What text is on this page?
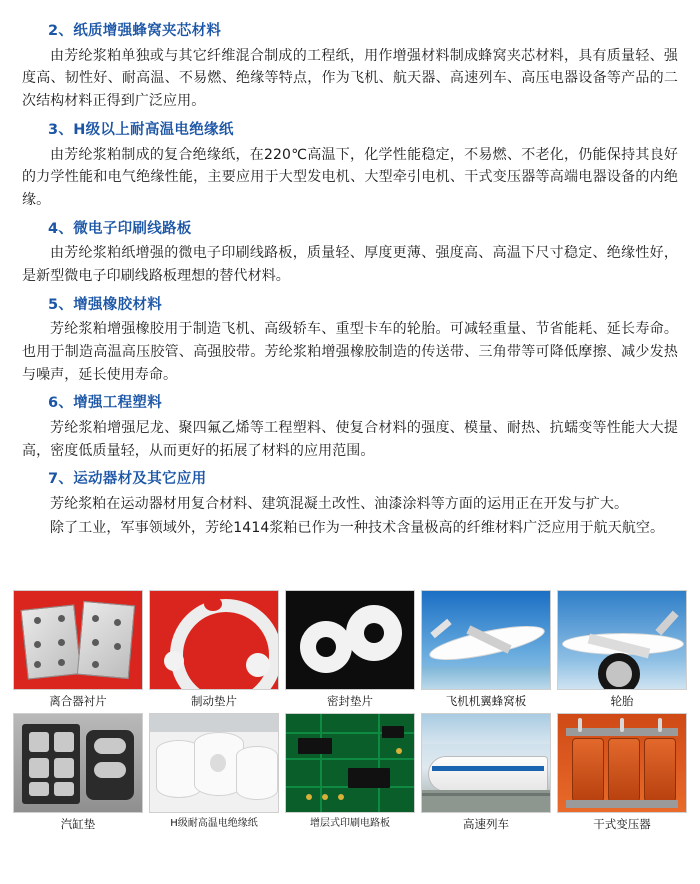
2、纸质增强蜂窝夹芯材料

由芳纶浆粕单独或与其它纤维混合制成的工程纸，用作增强材料制成蜂窝夹芯材料，具有质量轻、强度高、韧性好、耐高温、不易燃、绝缘等特点，作为飞机、航天器、高速列车、高压电器设备等产品的二次结构材料正得到广泛应用。

3、H级以上耐高温电绝缘纸

由芳纶浆粕制成的复合绝缘纸，在220℃高温下，化学性能稳定，不易燃、不老化，仍能保持其良好的力学性能和电气绝缘性能，主要应用于大型发电机、大型牵引电机、干式变压器等高端电器设备的内绝缘。

4、微电子印刷线路板

由芳纶浆粕纸增强的微电子印刷线路板，质量轻、厚度更薄、强度高、高温下尺寸稳定、绝缘性好，是新型微电子印刷线路板理想的替代材料。

5、增强橡胶材料

芳纶浆粕增强橡胶用于制造飞机、高级轿车、重型卡车的轮胎。可减轻重量、节省能耗、延长寿命。也用于制造高温高压胶管、高强胶带。芳纶浆粕增强橡胶制造的传送带、三角带等可降低摩擦、减少发热与噪声，延长使用寿命。

6、增强工程塑料

芳纶浆粕增强尼龙、聚四氟乙烯等工程塑料、使复合材料的强度、模量、耐热、抗蠕变等性能大大提高，密度低质量轻，从而更好的拓展了材料的应用范围。

7、运动器材及其它应用

芳纶浆粕在运动器材用复合材料、建筑混凝土改性、油漆涂料等方面的运用正在开发与扩大。

除了工业，军事领域外，芳纶1414浆粕已作为一种技术含量极高的纤维材料广泛应用于航天航空。

离合器衬片	制动垫片	密封垫片	飞机机翼蜂窝板	轮胎
汽缸垫	H级耐高温电绝缘纸	增层式印刷电路板	高速列车	干式变压器
